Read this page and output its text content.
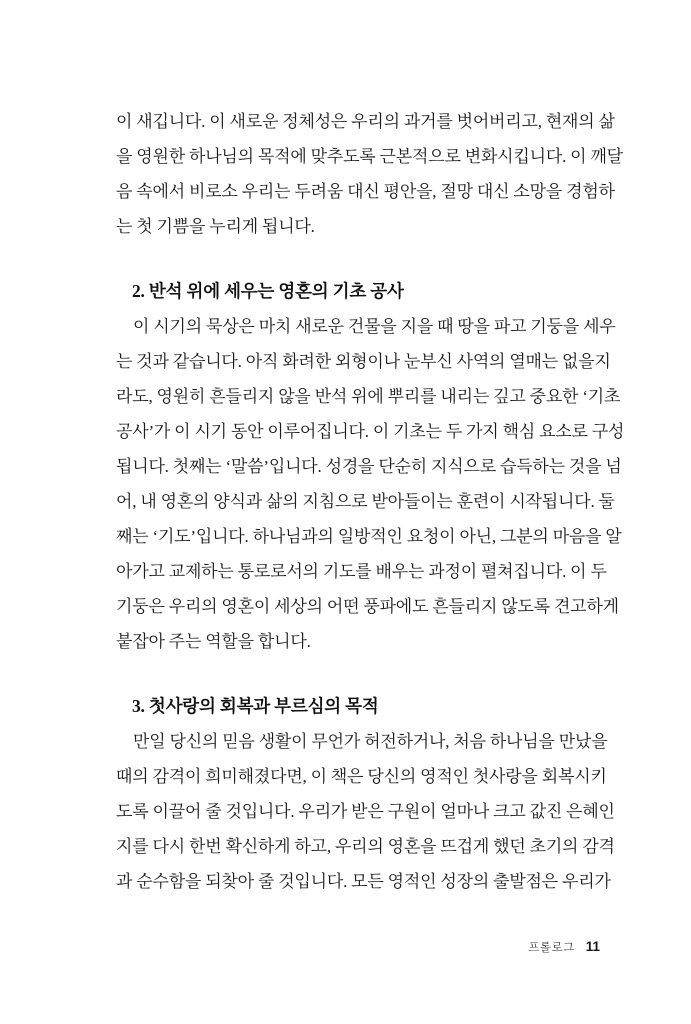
이 새깁니다. 이 새로운 정체성은 우리의 과거를 벗어버리고, 현재의 삶
을 영원한 하나님의 목적에 맞추도록 근본적으로 변화시킵니다. 이 깨달
음 속에서 비로소 우리는 두려움 대신 평안을, 절망 대신 소망을 경험하
는 첫 기쁨을 누리게 됩니다.
2. 반석 위에 세우는 영혼의 기초 공사
이 시기의 묵상은 마치 새로운 건물을 지을 때 땅을 파고 기둥을 세우
는 것과 같습니다. 아직 화려한 외형이나 눈부신 사역의 열매는 없을지
라도, 영원히 흔들리지 않을 반석 위에 뿌리를 내리는 깊고 중요한 ‘기초
공사’가 이 시기 동안 이루어집니다. 이 기초는 두 가지 핵심 요소로 구성
됩니다. 첫째는 ‘말씀’입니다. 성경을 단순히 지식으로 습득하는 것을 넘
어, 내 영혼의 양식과 삶의 지침으로 받아들이는 훈련이 시작됩니다. 둘
째는 ‘기도’입니다. 하나님과의 일방적인 요청이 아닌, 그분의 마음을 알
아가고 교제하는 통로로서의 기도를 배우는 과정이 펼쳐집니다. 이 두
기둥은 우리의 영혼이 세상의 어떤 풍파에도 흔들리지 않도록 견고하게
붙잡아 주는 역할을 합니다.
3. 첫사랑의 회복과 부르심의 목적
만일 당신의 믿음 생활이 무언가 허전하거나, 처음 하나님을 만났을
때의 감격이 희미해졌다면, 이 책은 당신의 영적인 첫사랑을 회복시키
도록 이끌어 줄 것입니다. 우리가 받은 구원이 얼마나 크고 값진 은혜인
지를 다시 한번 확신하게 하고, 우리의 영혼을 뜨겁게 했던 초기의 감격
과 순수함을 되찾아 줄 것입니다. 모든 영적인 성장의 출발점은 우리가
프롤로그 11
